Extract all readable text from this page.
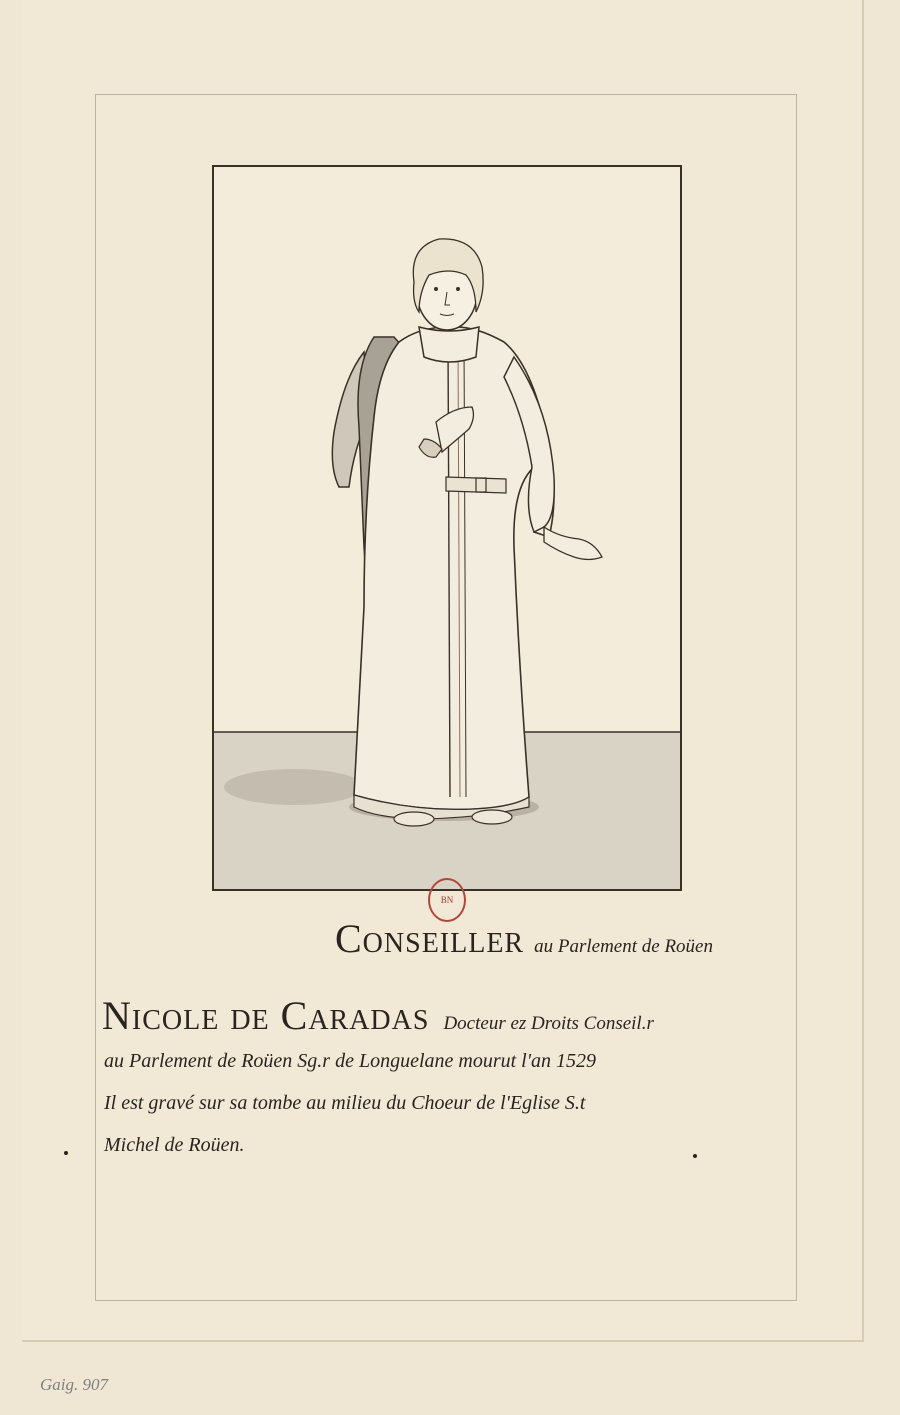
BN
Conseiller au Parlement de Roüen
Nicole de Caradas Docteur ez Droits Conseil.r
au Parlement de Roüen Sg.r de Longuelane mourut l'an 1529
Il est gravé sur sa tombe au milieu du Choeur de l'Eglise S.t
Michel de Roüen.
Gaig. 907
